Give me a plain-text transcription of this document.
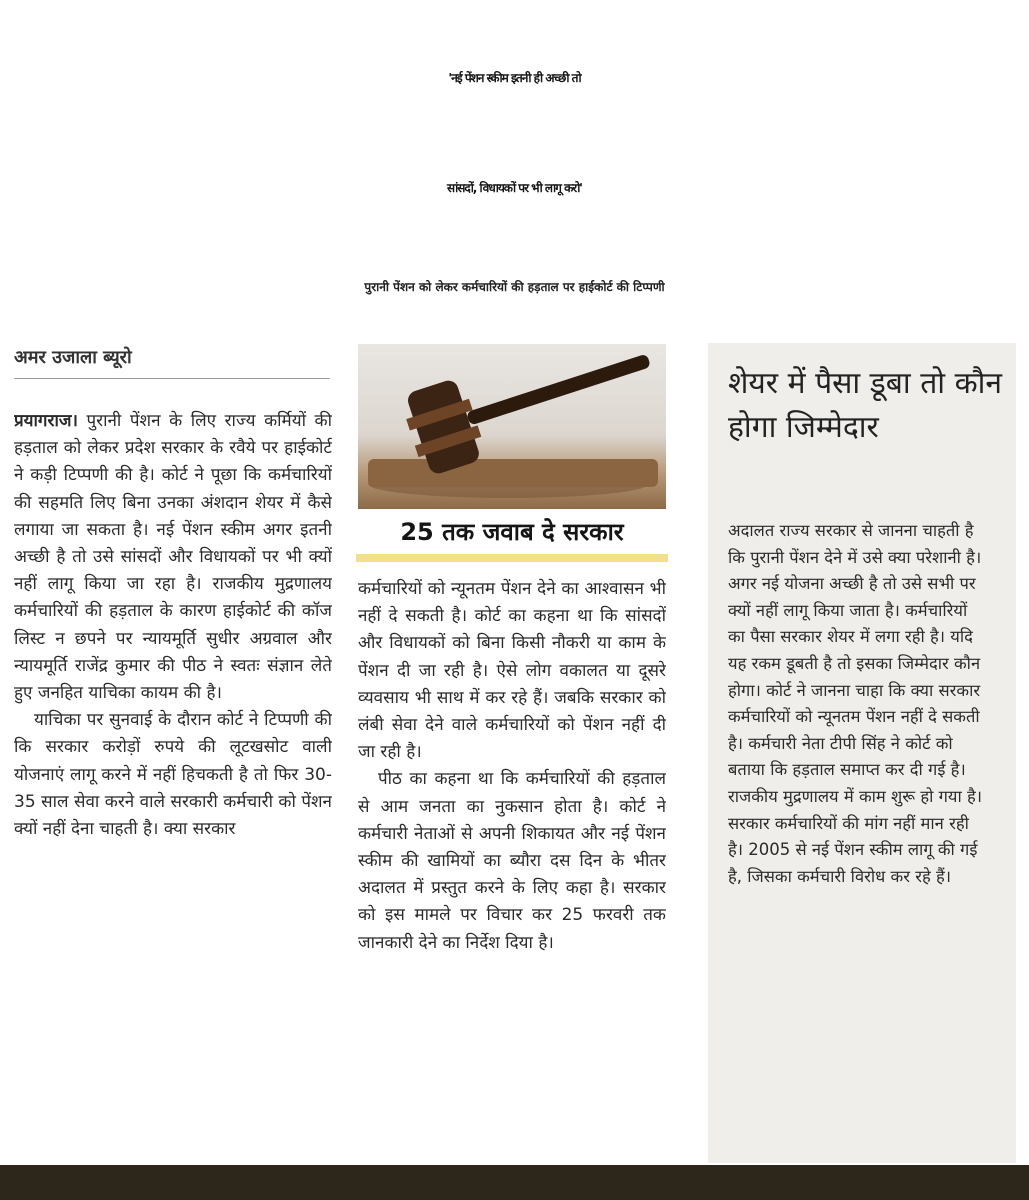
'नई पेंशन स्कीम इतनी ही अच्छी तो
सांसदों, विधायकों पर भी लागू करो'
पुरानी पेंशन को लेकर कर्मचारियों की हड़ताल पर हाईकोर्ट की टिप्पणी
अमर उजाला ब्यूरो

प्रयागराज। पुरानी पेंशन के लिए राज्य कर्मियों की हड़ताल को लेकर प्रदेश सरकार के रवैये पर हाईकोर्ट ने कड़ी टिप्पणी की है। कोर्ट ने पूछा कि कर्मचारियों की सहमति लिए बिना उनका अंशदान शेयर में कैसे लगाया जा सकता है। नई पेंशन स्कीम अगर इतनी अच्छी है तो उसे सांसदों और विधायकों पर भी क्यों नहीं लागू किया जा रहा है। राजकीय मुद्रणालय कर्मचारियों की हड़ताल के कारण हाईकोर्ट की कॉज लिस्ट न छपने पर न्यायमूर्ति सुधीर अग्रवाल और न्यायमूर्ति राजेंद्र कुमार की पीठ ने स्वतः संज्ञान लेते हुए जनहित याचिका कायम की है।

याचिका पर सुनवाई के दौरान कोर्ट ने टिप्पणी की कि सरकार करोड़ों रुपये की लूटखसोट वाली योजनाएं लागू करने में नहीं हिचकती है तो फिर 30-35 साल सेवा करने वाले सरकारी कर्मचारी को पेंशन क्यों नहीं देना चाहती है। क्या सरकार

25 तक जवाब दे सरकार

कर्मचारियों को न्यूनतम पेंशन देने का आश्वासन भी नहीं दे सकती है। कोर्ट का कहना था कि सांसदों और विधायकों को बिना किसी नौकरी या काम के पेंशन दी जा रही है। ऐसे लोग वकालत या दूसरे व्यवसाय भी साथ में कर रहे हैं। जबकि सरकार को लंबी सेवा देने वाले कर्मचारियों को पेंशन नहीं दी जा रही है।

पीठ का कहना था कि कर्मचारियों की हड़ताल से आम जनता का नुकसान होता है। कोर्ट ने कर्मचारी नेताओं से अपनी शिकायत और नई पेंशन स्कीम की खामियों का ब्यौरा दस दिन के भीतर अदालत में प्रस्तुत करने के लिए कहा है। सरकार को इस मामले पर विचार कर 25 फरवरी तक जानकारी देने का निर्देश दिया है।

शेयर में पैसा डूबा तो कौन होगा जिम्मेदार

अदालत राज्य सरकार से जानना चाहती है कि पुरानी पेंशन देने में उसे क्या परेशानी है। अगर नई योजना अच्छी है तो उसे सभी पर क्यों नहीं लागू किया जाता है। कर्मचारियों का पैसा सरकार शेयर में लगा रही है। यदि यह रकम डूबती है तो इसका जिम्मेदार कौन होगा। कोर्ट ने जानना चाहा कि क्या सरकार कर्मचारियों को न्यूनतम पेंशन नहीं दे सकती है। कर्मचारी नेता टीपी सिंह ने कोर्ट को बताया कि हड़ताल समाप्त कर दी गई है। राजकीय मुद्रणालय में काम शुरू हो गया है। सरकार कर्मचारियों की मांग नहीं मान रही है। 2005 से नई पेंशन स्कीम लागू की गई है, जिसका कर्मचारी विरोध कर रहे हैं।
